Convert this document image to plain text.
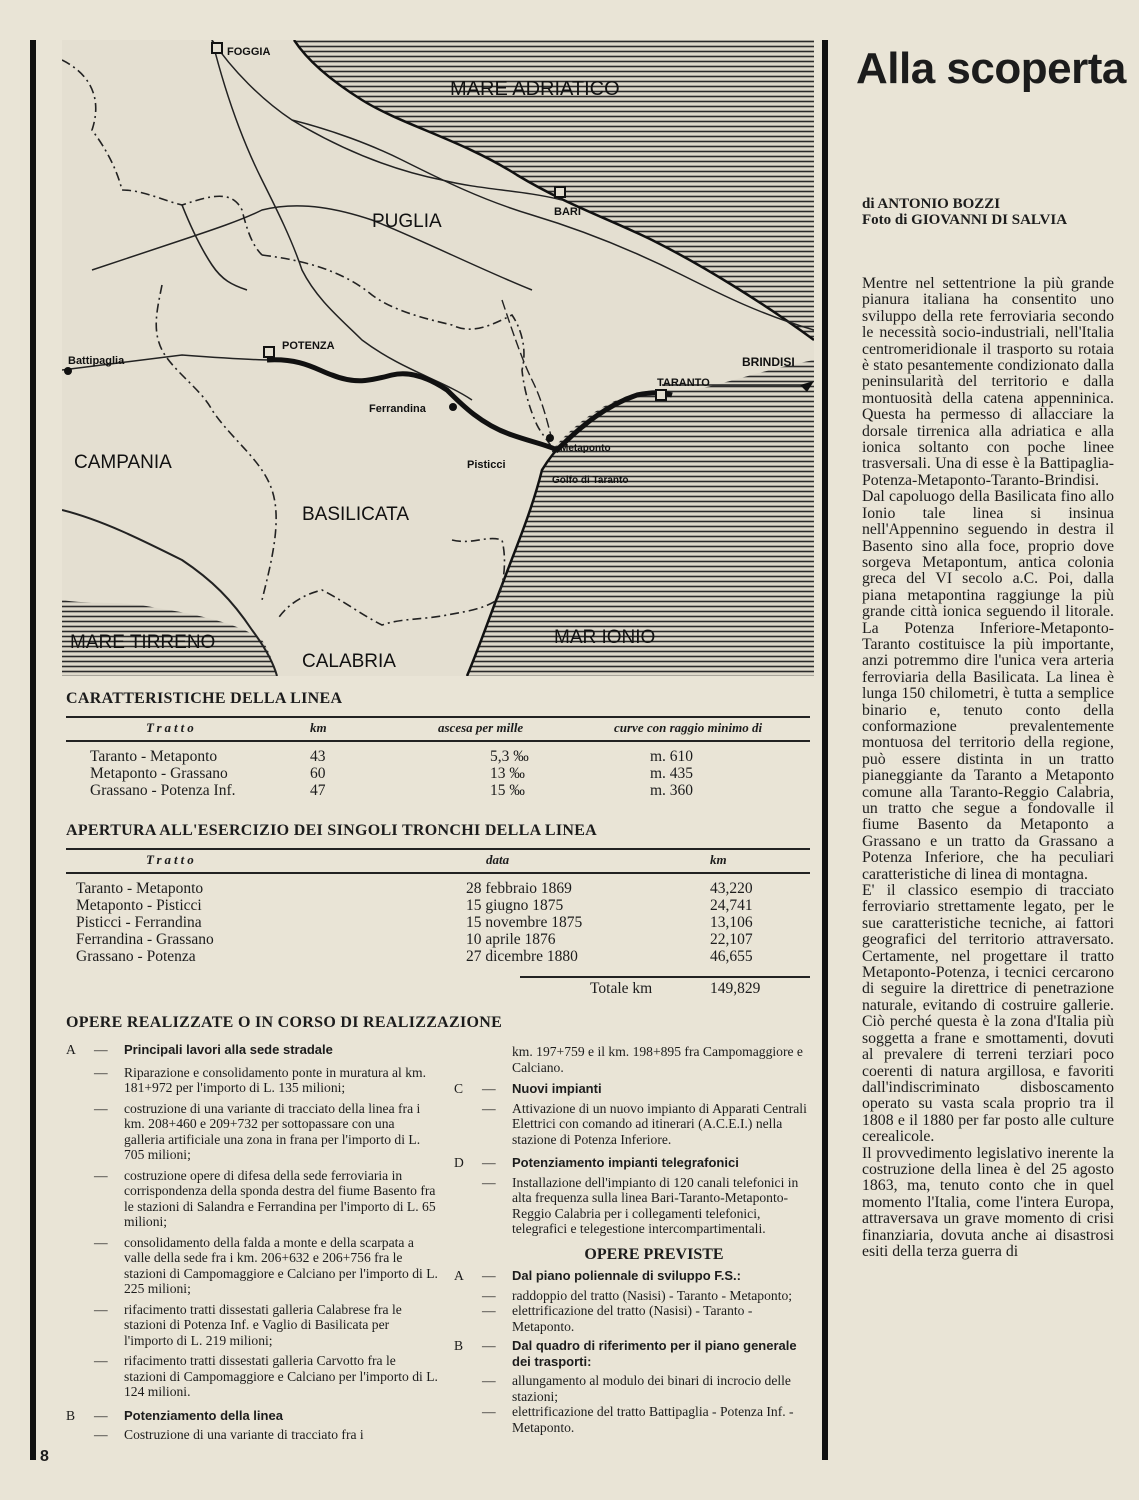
MARE ADRIATICO
PUGLIA
CAMPANIA
BASILICATA
CALABRIA
MARE TIRRENO	MAR IONIO
FOGGIA
BARI
BRINDISI
TARANTO
POTENZA
Battipaglia
Ferrandina
Pisticci
Metaponto
Golfo di Taranto
CARATTERISTICHE DELLA LINEA
Tratto	km	ascesa per mille	curve con raggio minimo di

Taranto - Metaponto	43	5,3 ‰	m. 610
Metaponto - Grassano	60	13 ‰	m. 435
Grassano - Potenza Inf.	47	15 ‰	m. 360
APERTURA ALL'ESERCIZIO DEI SINGOLI TRONCHI DELLA LINEA
Tratto	data	km

Taranto - Metaponto	28 febbraio 1869	43,220
Metaponto - Pisticci	15 giugno 1875	24,741
Pisticci - Ferrandina	15 novembre 1875	13,106
Ferrandina - Grassano	10 aprile 1876	22,107
Grassano - Potenza	27 dicembre 1880	46,655
Totale km	149,829
OPERE REALIZZATE O IN CORSO DI REALIZZAZIONE
A — Principali lavori alla sede stradale
— Riparazione e consolidamento ponte in muratura al km. 181+972 per l'importo di L. 135 milioni;
— costruzione di una variante di tracciato della linea fra i km. 208+460 e 209+732 per sottopassare con una galleria artificiale una zona in frana per l'importo di L. 705 milioni;
— costruzione opere di difesa della sede ferroviaria in corrispondenza della sponda destra del fiume Basento fra le stazioni di Salandra e Ferrandina per l'importo di L. 65 milioni;
— consolidamento della falda a monte e della scarpata a valle della sede fra i km. 206+632 e 206+756 fra le stazioni di Campomaggiore e Calciano per l'importo di L. 225 milioni;
— rifacimento tratti dissestati galleria Calabrese fra le stazioni di Potenza Inf. e Vaglio di Basilicata per l'importo di L. 219 milioni;
— rifacimento tratti dissestati galleria Carvotto fra le stazioni di Campomaggiore e Calciano per l'importo di L. 124 milioni.
B — Potenziamento della linea
— Costruzione di una variante di tracciato fra i
km. 197+759 e il km. 198+895 fra Campomaggiore e Calciano.
C — Nuovi impianti
— Attivazione di un nuovo impianto di Apparati Centrali Elettrici con comando ad itinerari (A.C.E.I.) nella stazione di Potenza Inferiore.
D — Potenziamento impianti telegrafonici
— Installazione dell'impianto di 120 canali telefonici in alta frequenza sulla linea Bari-Taranto-Metaponto-Reggio Calabria per i collegamenti telefonici, telegrafici e telegestione intercompartimentali.
OPERE PREVISTE
A — Dal piano poliennale di sviluppo F.S.:
— raddoppio del tratto (Nasisi) - Taranto - Metaponto;
— elettrificazione del tratto (Nasisi) - Taranto - Metaponto.
B — Dal quadro di riferimento per il piano generale dei trasporti:
— allungamento al modulo dei binari di incrocio delle stazioni;
— elettrificazione del tratto Battipaglia - Potenza Inf. - Metaponto.
Alla scoperta
di ANTONIO BOZZI
Foto di GIOVANNI DI SALVIA

Mentre nel settentrione la più grande pianura italiana ha consentito uno sviluppo della rete ferroviaria secondo le necessità socio-industriali, nell'Italia centromeridionale il trasporto su rotaia è stato pesantemente condizionato dalla peninsularità del territorio e dalla montuosità della catena appenninica. Questa ha permesso di allacciare la dorsale tirrenica alla adriatica e alla ionica soltanto con poche linee trasversali. Una di esse è la Battipaglia-Potenza-Metaponto-Taranto-Brindisi. Dal capoluogo della Basilicata fino allo Ionio tale linea si insinua nell'Appennino seguendo in destra il Basento sino alla foce, proprio dove sorgeva Metapontum, antica colonia greca del VI secolo a.C. Poi, dalla piana metapontina raggiunge la più grande città ionica seguendo il litorale. La Potenza Inferiore-Metaponto-Taranto costituisce la più importante, anzi potremmo dire l'unica vera arteria ferroviaria della Basilicata. La linea è lunga 150 chilometri, è tutta a semplice binario e, tenuto conto della conformazione prevalentemente montuosa del territorio della regione, può essere distinta in un tratto pianeggiante da Taranto a Metaponto comune alla Taranto-Reggio Calabria, un tratto che segue a fondovalle il fiume Basento da Metaponto a Grassano e un tratto da Grassano a Potenza Inferiore, che ha peculiari caratteristiche di linea di montagna.

E' il classico esempio di tracciato ferroviario strettamente legato, per le sue caratteristiche tecniche, ai fattori geografici del territorio attraversato. Certamente, nel progettare il tratto Metaponto-Potenza, i tecnici cercarono di seguire la direttrice di penetrazione naturale, evitando di costruire gallerie. Ciò perché questa è la zona d'Italia più soggetta a frane e smottamenti, dovuti al prevalere di terreni terziari poco coerenti di natura argillosa, e favoriti dall'indiscriminato disboscamento operato su vasta scala proprio tra il 1808 e il 1880 per far posto alle culture cerealicole.

Il provvedimento legislativo inerente la costruzione della linea è del 25 agosto 1863, ma, tenuto conto che in quel momento l'Italia, come l'intera Europa, attraversava un grave momento di crisi finanziaria, dovuta anche ai disastrosi esiti della terza guerra di

8
